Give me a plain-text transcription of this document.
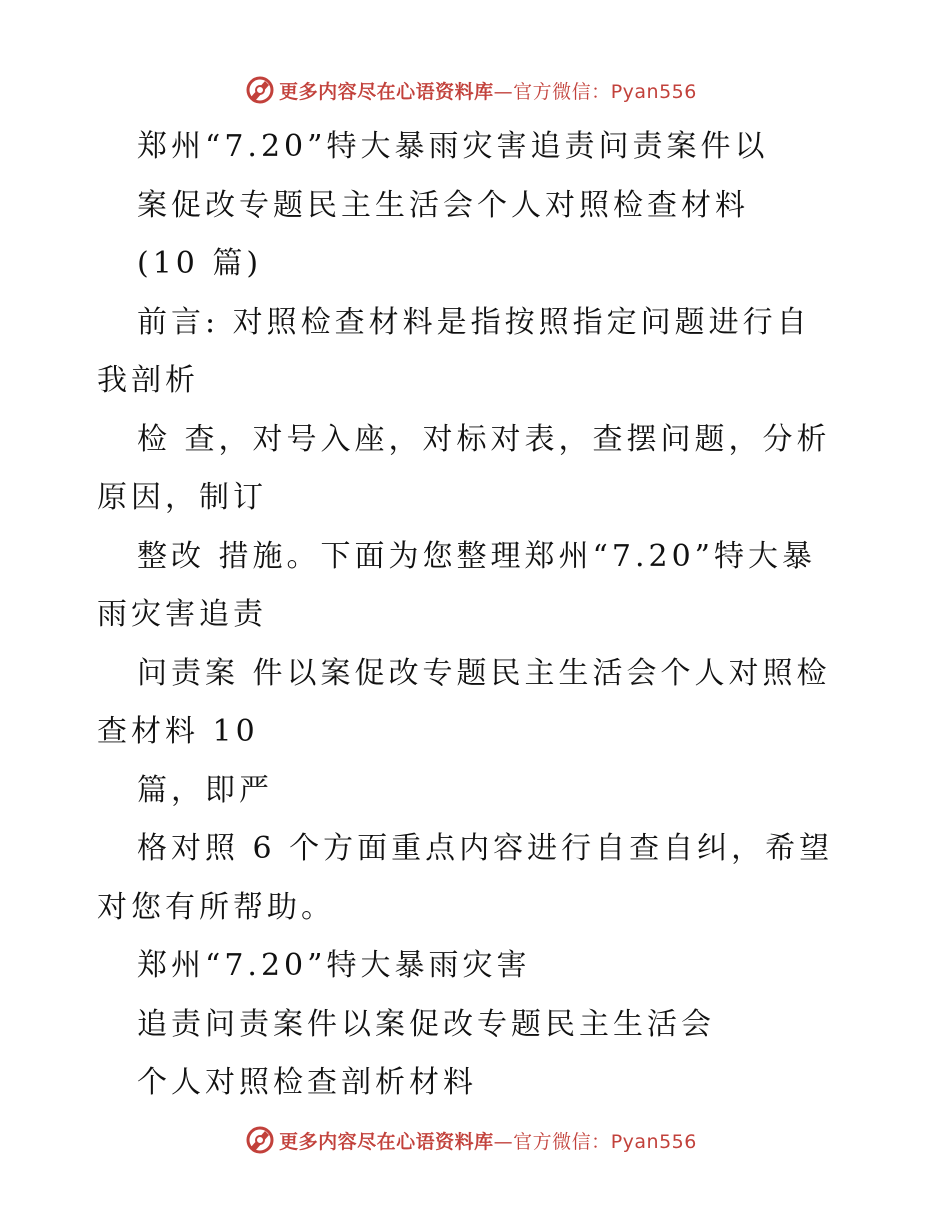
更多内容尽在心语资料库—官方微信：Pyan556
郑州“7.20”特大暴雨灾害追责问责案件以
案促改专题民主生活会个人对照检查材料
(10 篇)
前言: 对照检查材料是指按照指定问题进行自
我剖析
检 查，对号入座，对标对表，查摆问题，分析
原因，制订
整改 措施。下面为您整理郑州“7.20”特大暴
雨灾害追责
问责案 件以案促改专题民主生活会个人对照检
查材料 10
篇，即严
格对照 6 个方面重点内容进行自查自纠，希望
对您有所帮助。
郑州“7.20”特大暴雨灾害
追责问责案件以案促改专题民主生活会
个人对照检查剖析材料
更多内容尽在心语资料库—官方微信：Pyan556
